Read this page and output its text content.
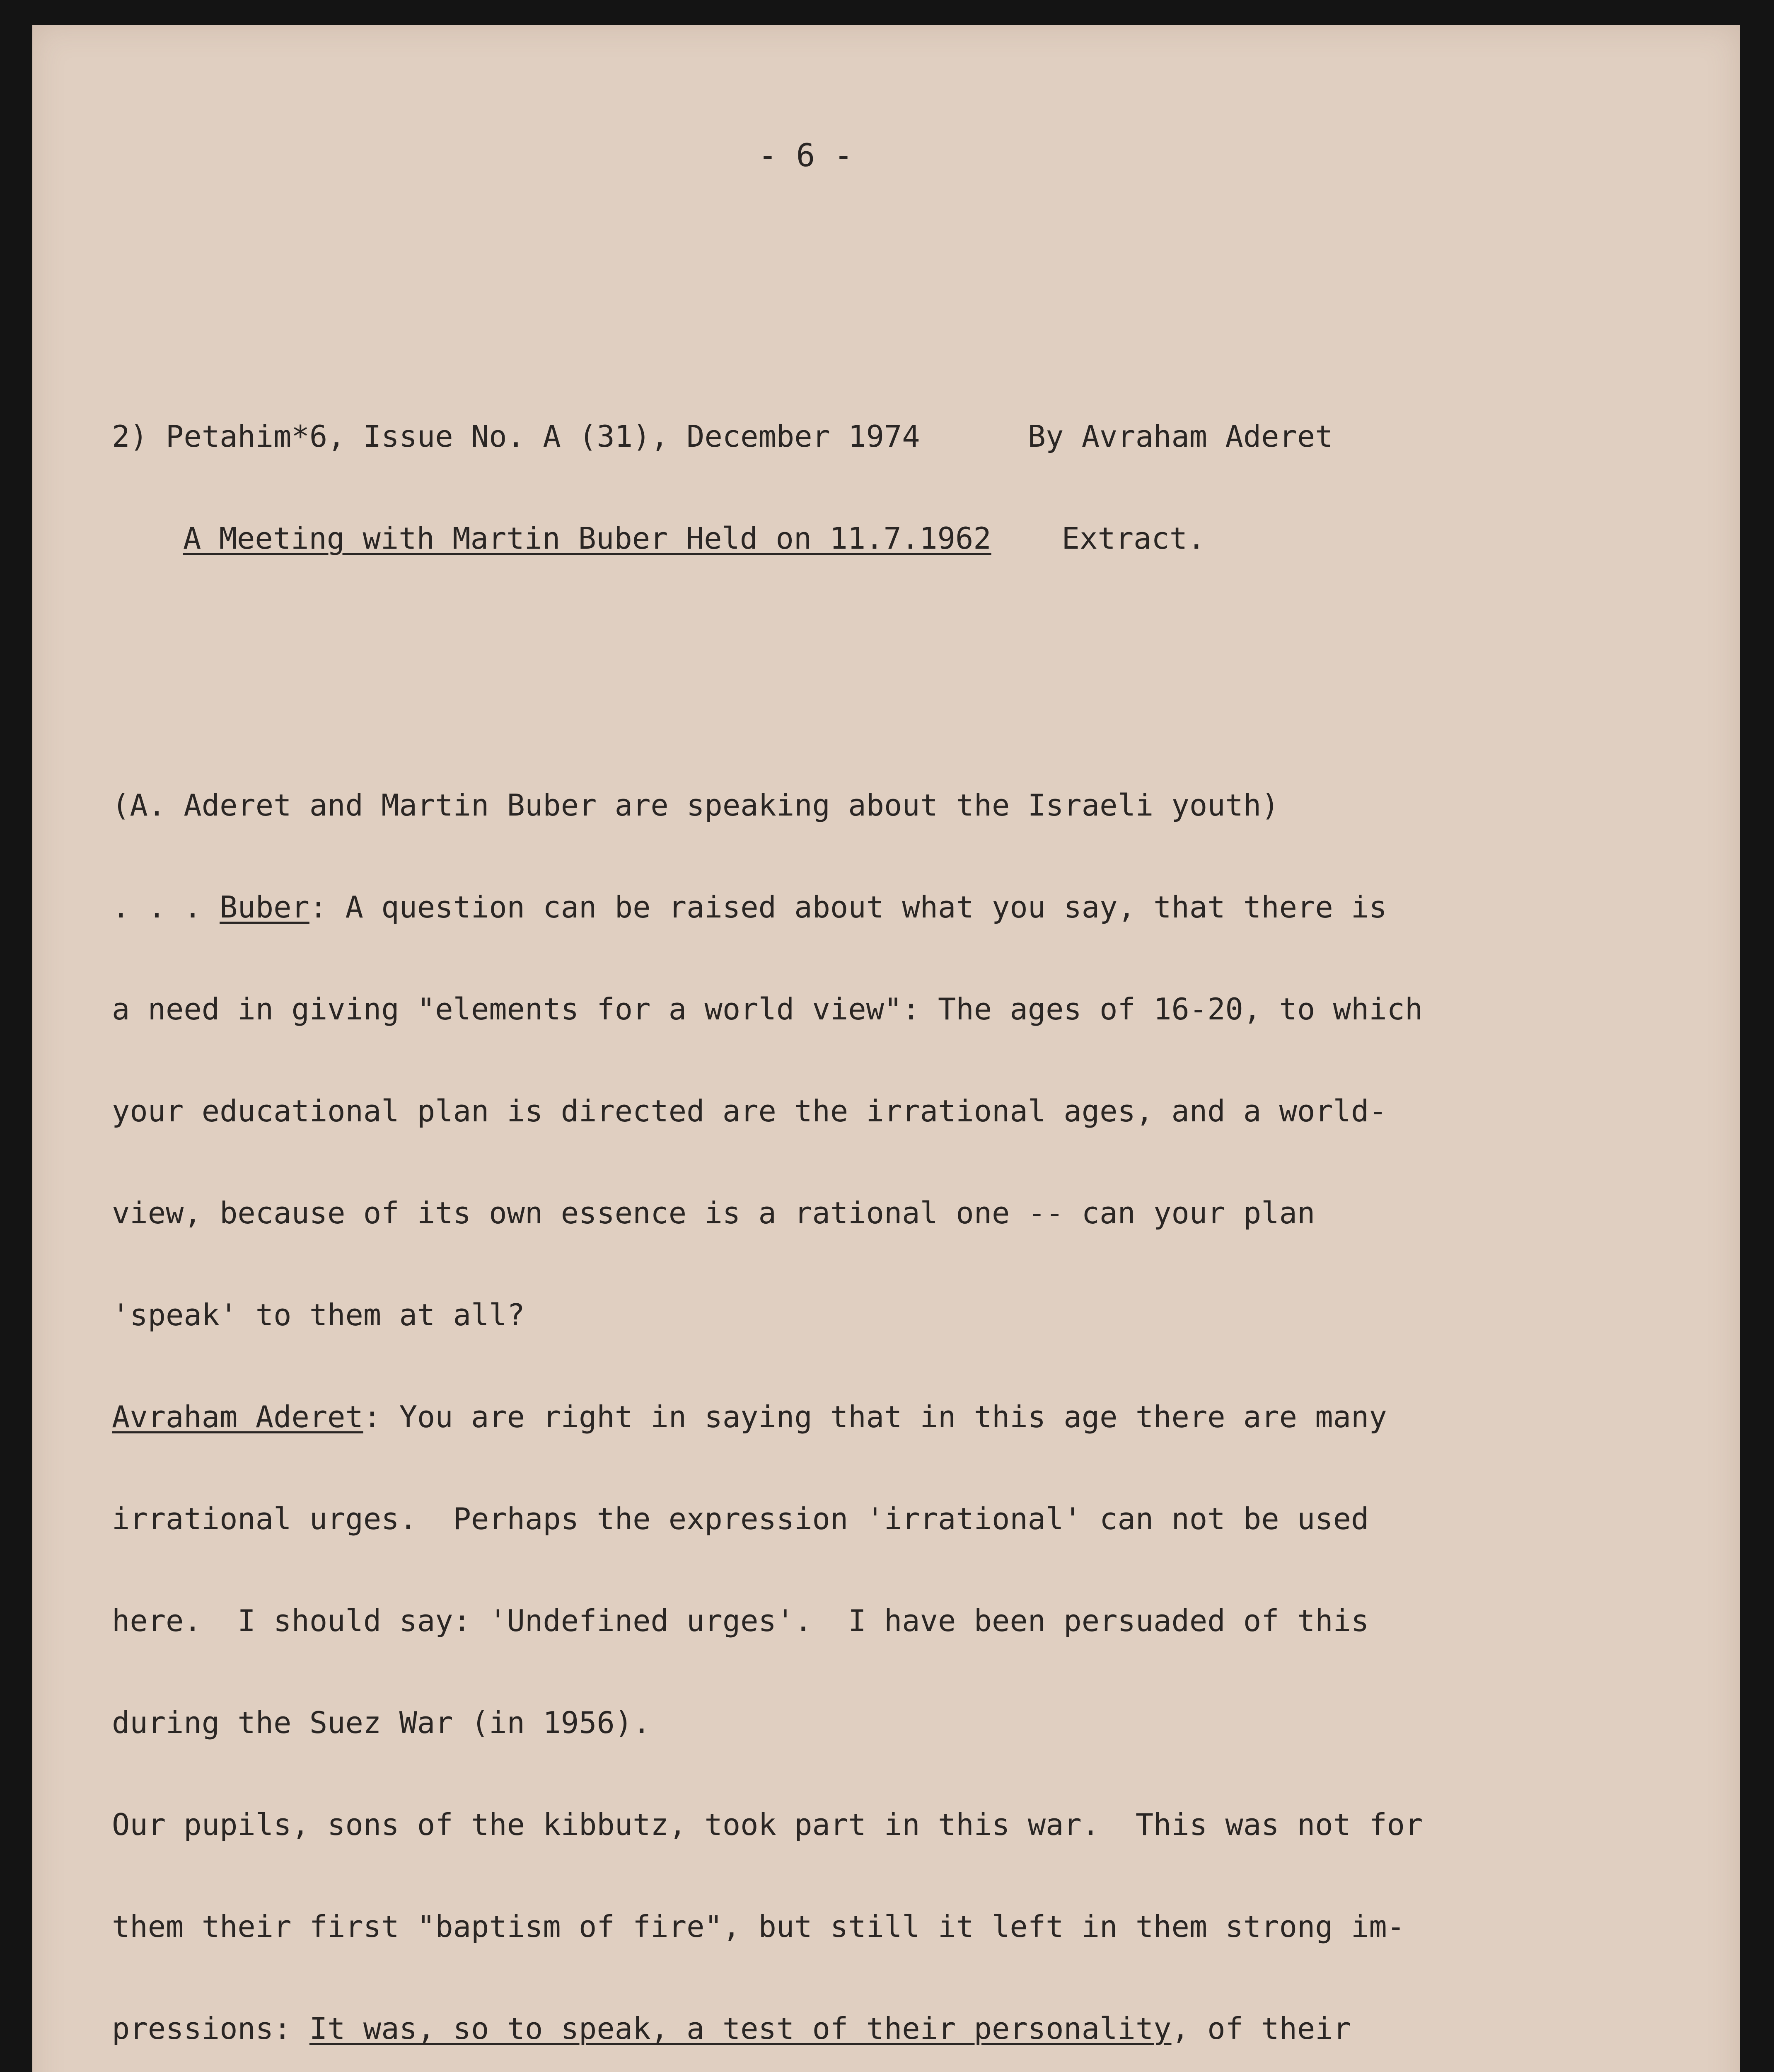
- 6 -

2) Petahim*6, Issue No. A (31), December 1974	By Avraham Aderet

A Meeting with Martin Buber Held on 11.7.1962 Extract.

(A. Aderet and Martin Buber are speaking about the Israeli youth)

. . . Buber: A question can be raised about what you say, that there is

a need in giving "elements for a world view": The ages of 16-20, to which

your educational plan is directed are the irrational ages, and a world-

view, because of its own essence is a rational one -- can your plan

'speak' to them at all?

Avraham Aderet: You are right in saying that in this age there are many

irrational urges.  Perhaps the expression 'irrational' can not be used

here.  I should say: 'Undefined urges'.  I have been persuaded of this

during the Suez War (in 1956).

Our pupils, sons of the kibbutz, took part in this war.  This was not for

them their first "baptism of fire", but still it left in them strong im-

pressions: It was, so to speak, a test of their personality, of their
